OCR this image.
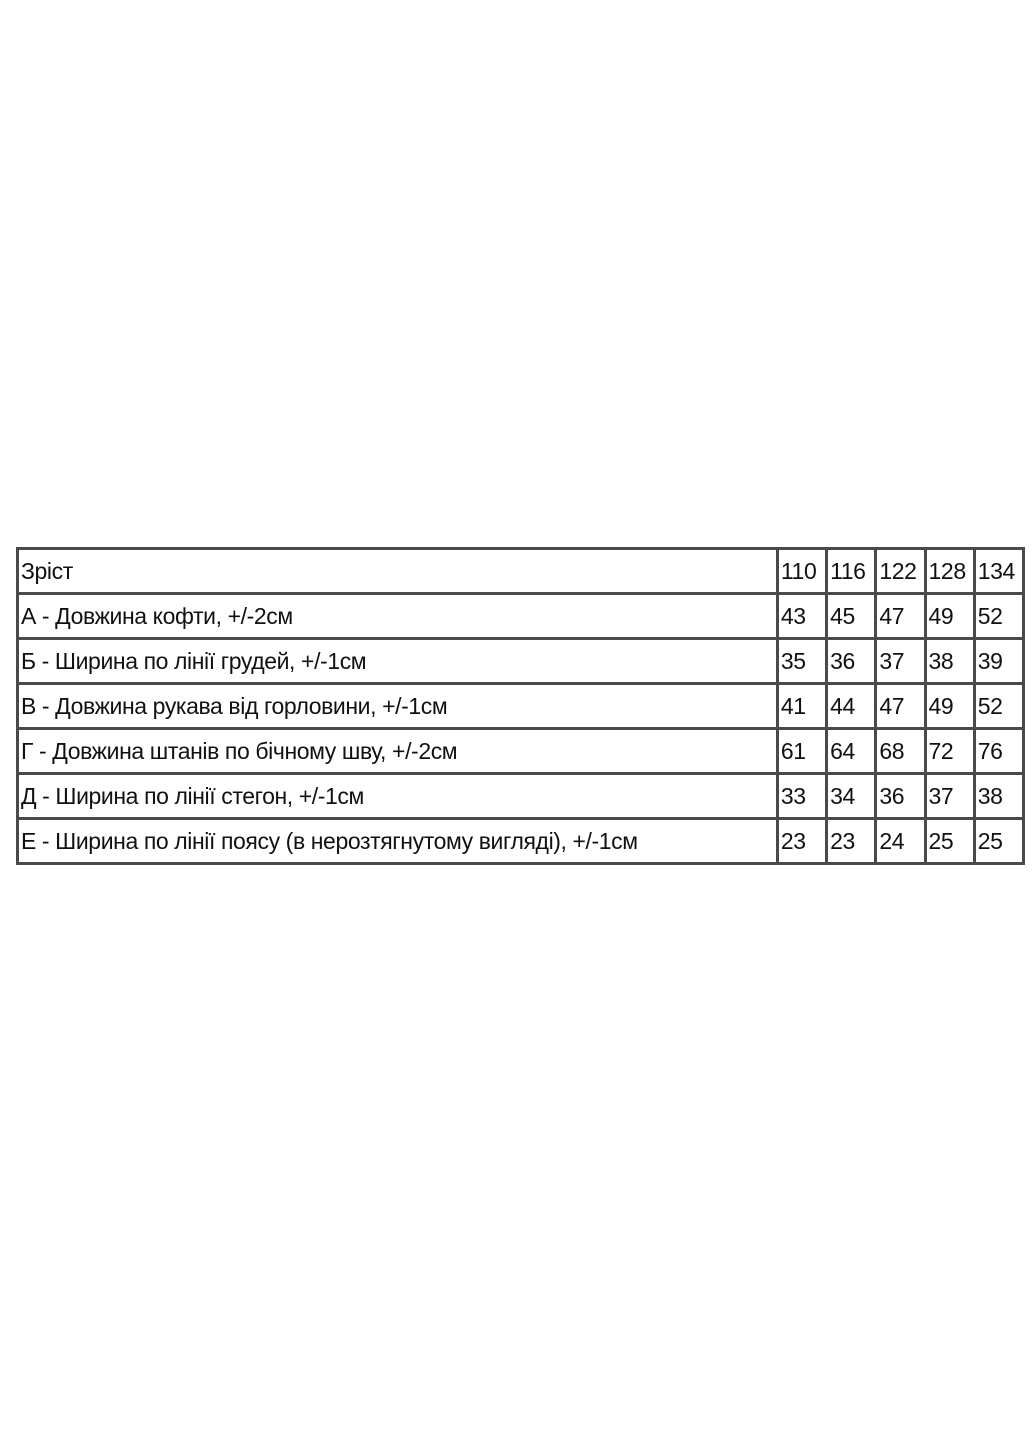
Зріст	110	116	122	128	134
А - Довжина кофти, +/-2см	43	45	47	49	52
Б - Ширина по лінії грудей, +/-1см	35	36	37	38	39
В - Довжина рукава від горловини, +/-1см	41	44	47	49	52
Г - Довжина штанів по бічному шву, +/-2см	61	64	68	72	76
Д - Ширина по лінії стегон, +/-1см	33	34	36	37	38
Е - Ширина по лінії поясу (в нерозтягнутому вигляді), +/-1см	23	23	24	25	25
